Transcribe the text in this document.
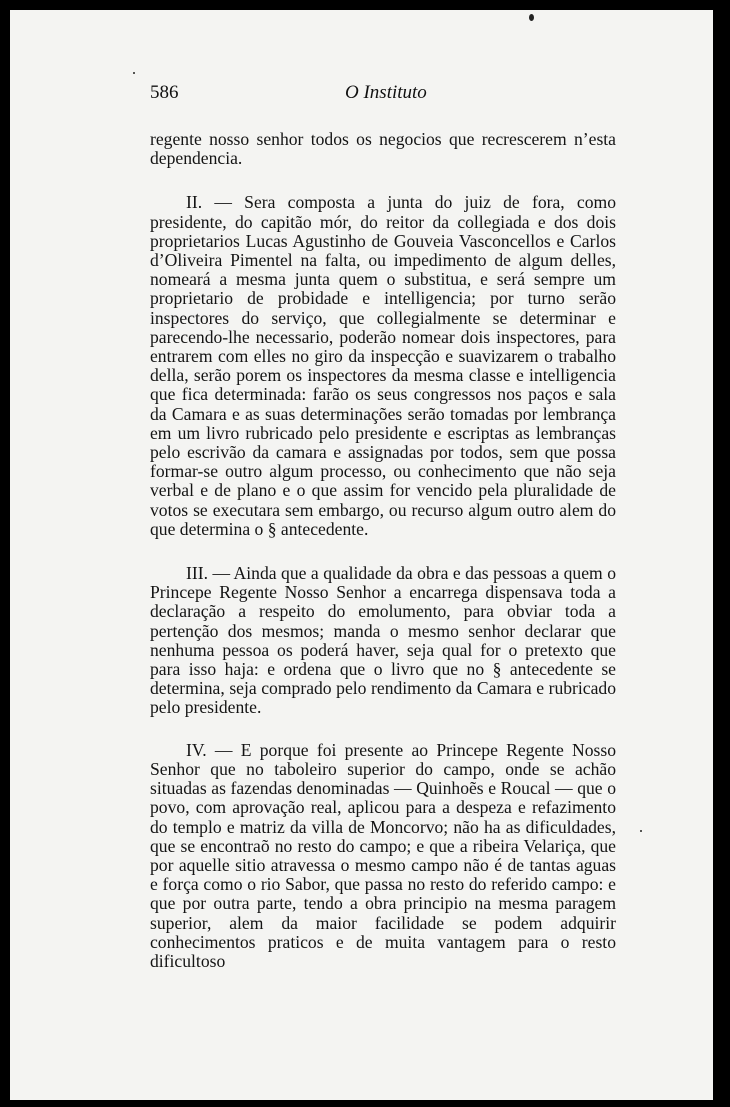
586	O Instituto

regente nosso senhor todos os negocios que recrescerem n’esta dependencia.

II. — Sera composta a junta do juiz de fora, como presidente, do capitão mór, do reitor da collegiada e dos dois proprietarios Lucas Agustinho de Gouveia Vasconcellos e Carlos d’Oliveira Pimentel na falta, ou impedimento de algum delles, nomeará a mesma junta quem o substitua, e será sempre um proprietario de probidade e intelligencia; por turno serão inspectores do serviço, que collegialmente se determinar e parecendo-lhe necessario, poderão nomear dois inspectores, para entrarem com elles no giro da inspecção e suavizarem o trabalho della, serão porem os inspectores da mesma classe e intelligencia que fica determinada: farão os seus congressos nos paços e sala da Camara e as suas determinações serão tomadas por lembrança em um livro rubricado pelo presidente e escriptas as lembranças pelo escrivão da camara e assignadas por todos, sem que possa formar-se outro algum processo, ou conhecimento que não seja verbal e de plano e o que assim for vencido pela pluralidade de votos se executara sem embargo, ou recurso algum outro alem do que determina o § antecedente.

III. — Ainda que a qualidade da obra e das pessoas a quem o Princepe Regente Nosso Senhor a encarrega dispensava toda a declaração a respeito do emolumento, para obviar toda a pertenção dos mesmos; manda o mesmo senhor declarar que nenhuma pessoa os poderá haver, seja qual for o pretexto que para isso haja: e ordena que o livro que no § antecedente se determina, seja comprado pelo rendimento da Camara e rubricado pelo presidente.

IV. — E porque foi presente ao Princepe Regente Nosso Senhor que no taboleiro superior do campo, onde se achão situadas as fazendas denominadas — Quinhoẽs e Roucal — que o povo, com aprovação real, aplicou para a despeza e refazimento do templo e matriz da villa de Moncorvo; não ha as dificuldades, que se encontraõ no resto do campo; e que a ribeira Velariça, que por aquelle sitio atravessa o mesmo campo não é de tantas aguas e força como o rio Sabor, que passa no resto do referido campo: e que por outra parte, tendo a obra principio na mesma paragem superior, alem da maior facilidade se podem adquirir conhecimentos praticos e de muita vantagem para o resto dificultoso
